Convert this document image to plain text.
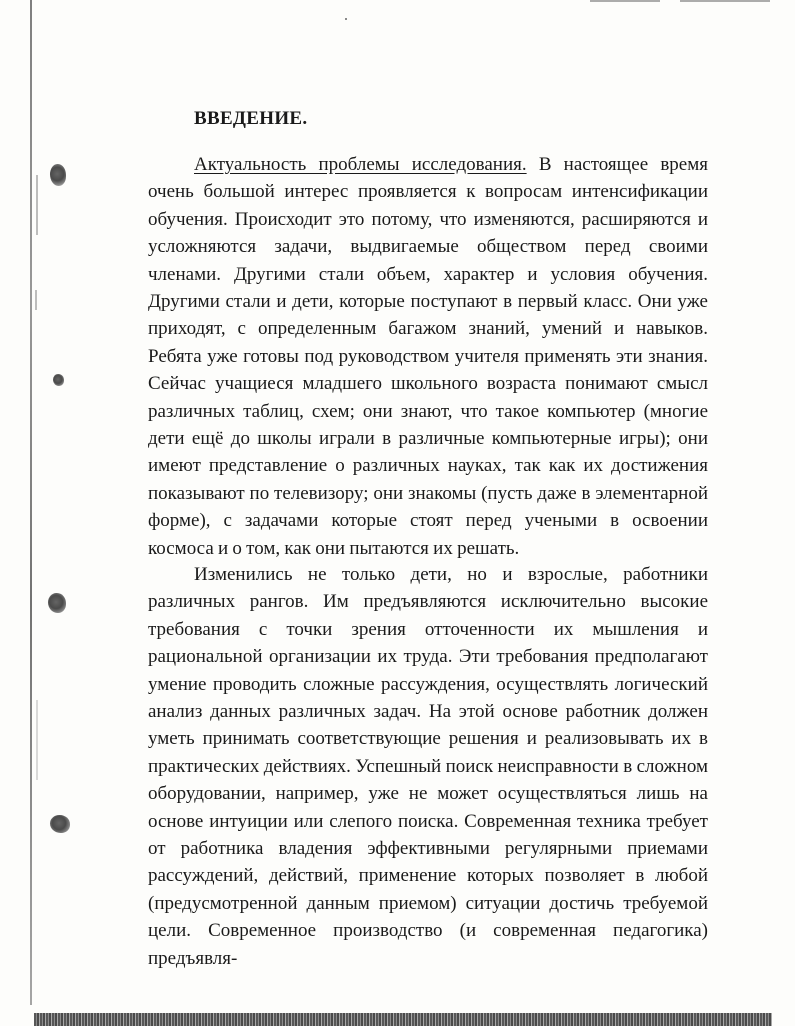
ВВЕДЕНИЕ.

Актуальность проблемы исследования. В настоящее время очень большой интерес проявляется к вопросам интенсификации обучения. Происходит это потому, что изменяются, расширяются и усложняются задачи, выдвигаемые обществом перед своими членами. Другими стали объем, характер и условия обучения. Другими стали и дети, которые поступают в первый класс. Они уже приходят, с определенным багажом знаний, умений и навыков. Ребята уже готовы под руководством учителя применять эти знания. Сейчас учащиеся младшего школьного возраста понимают смысл различных таблиц, схем; они знают, что такое компьютер (многие дети ещё до школы играли в различные компьютерные игры); они имеют представление о различных науках, так как их достижения показывают по телевизору; они знакомы (пусть даже в элементарной форме), с задачами которые стоят перед учеными в освоении космоса и о том, как они пытаются их решать.

Изменились не только дети, но и взрослые, работники различных рангов. Им предъявляются исключительно высокие требования с точки зрения отточенности их мышления и рациональной организации их труда. Эти требования предполагают умение проводить сложные рассуждения, осуществлять логический анализ данных различных задач. На этой основе работник должен уметь принимать соответствующие решения и реализовывать их в практических действиях. Успешный поиск неисправности в сложном оборудовании, например, уже не может осуществляться лишь на основе интуиции или слепого поиска. Современная техника требует от работника владения эффективными регулярными приемами рассуждений, действий, применение которых позволяет в любой (предусмотренной данным приемом) ситуации достичь требуемой цели. Современное производство (и современная педагогика) предъявля-
